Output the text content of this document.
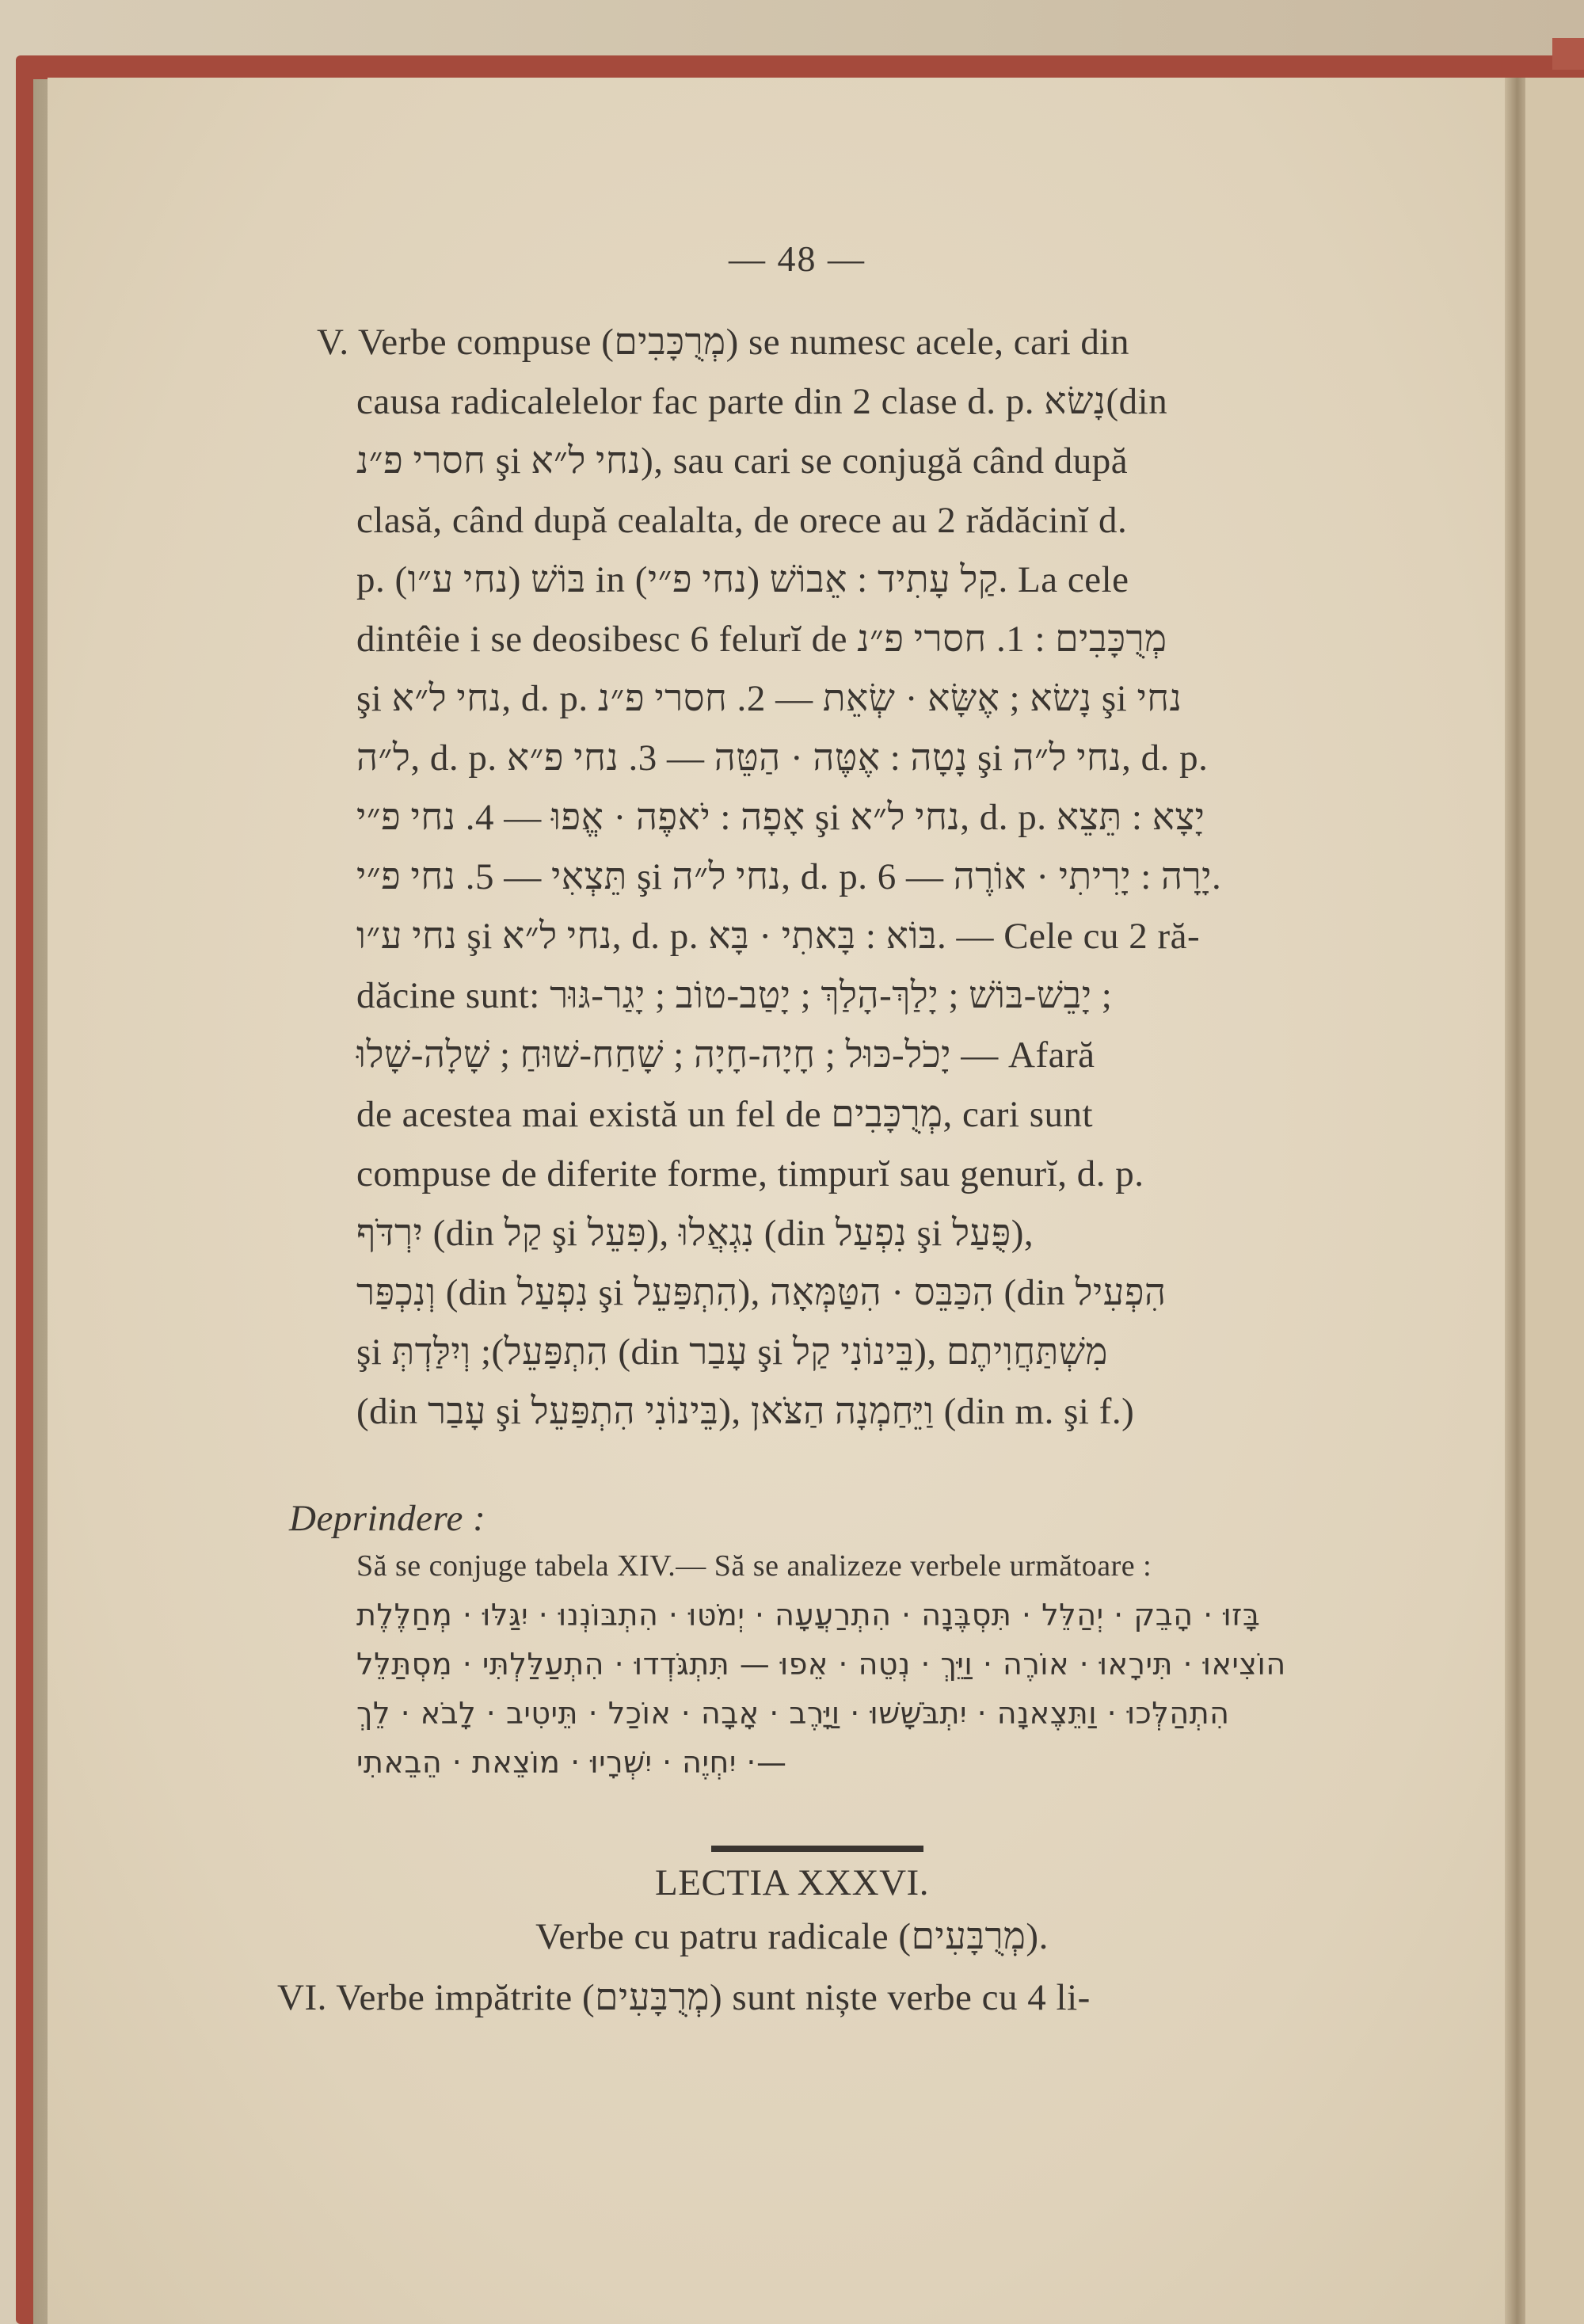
— 48 —
V. Verbe compuse (מְרֻכָּבִים) se numesc acele, cari din
causa radicalelelor fac parte din 2 clase d. p. נָשׂא(din
חסרי פ״נ şi נחי ל״א), sau cari se conjugă când după
clasă, când după cealalta, de orece au 2 rădăcinĭ d.
p. בּוֹשׁ (נחי ע״ו) in קַל עָתִיד : אֵבוֹשׁ (נחי פ״י). La cele
dintêie i se deosibesc 6 felurĭ de מְרֻכָּבִים : 1. חסרי פ״נ
şi נחי ל״א, d. p. נָשׂא ; אֶשָּׂא · שְׂאֵת — 2. חסרי פ״נ şi נחי
ל״ה, d. p. נָטָה : אֶטֶּה · הַטֵּה — 3. נחי פ״א şi נחי ל״ה, d. p.
אָפָה : יֹאפֶה · אֱפוּ — 4. נחי פ״י şi נחי ל״א, d. p. יָצָא : תֵּצֵא
תֵּצְאִי — 5. נחי פ״י şi נחי ל״ה, d. p. יָרָה : יָרִיתִי · אוֹרֶה — 6.
נחי ע״ו şi נחי ל״א, d. p. בּוֹא : בָּאתִי · בָּא. — Cele cu 2 ră-
dăcine sunt: יָבֵשׁ-בּוֹשׁ ; יָלַךְ-הָלַךְ ; יָטַב-טוֹב ; יָגַר-גּוּר ;
יָכֹל-כּוּל ; חָיָה-חָיָה ; שָׁחַח-שׁוּחַ ; שָׁלָה-שָׁלוּ — Afară
de acestea mai există un fel de מְרֻכָּבִים, cari sunt
compuse de diferite forme, timpurĭ sau genurĭ, d. p.
יִרְדֹּף (din קַל şi פִּעֵל), נִגְאֲלוּ (din נִפְעַל şi פֻּעַל),
וְנִכְפַּר (din נִפְעַל şi הִתְפַּעֵל), הִכַּבֵּס · הִטַּמְּאָה (din הִפְעִיל
şi הִתְפַּעֵל); וְיִלַּדְתְּ (din עָבַר şi בֵּינוֹנִי קַל), מִשְׁתַּחֲוִיתֶם
(din עָבַר şi בֵּינוֹנִי הִתְפַּעֵל), וַיֵּחַמְנָה הַצֹּאן (din m. şi f.)
Deprindere :
Să se conjuge tabela XIV.— Să se analizeze verbele următoare :
בָּזוּ · הָבֵק · יְהַלֵּל · תִּסְבֶּנָה · הִתְרַעֲעָה · יְמֹטּוּ · הִתְבּוֹנְנוּ · יִגַּלּוּ · מְחַלֶּלֶת
הוֹצִיאוּ · תִּירָאוּ · אוֹרֶה · וַיֵּךְ · נְטֵה · אֵפוּ — תִּתְגֹּדְדוּ · הִתְעַלַּלְתִּי · מִסְתַּלֵּל
הִתְהַלְּכוּ · וַתֵּצֶאנָה · יִתְבֹּשָׁשׁוּ · וַיָּרֶב · אָבָה · אוֹכַל · תֵּיטִיב · לָבֹא · לֵךְ
יִחְיֶה · יִשְׁרָיוּ · מוֹצֵאת · הֵבֵאתִי ·—
LECTIA XXXVI.
Verbe cu patru radicale (מְרֻבָּעִים).
VI. Verbe impătrite (מְרֻבָּעִים) sunt niște verbe cu 4 li-
